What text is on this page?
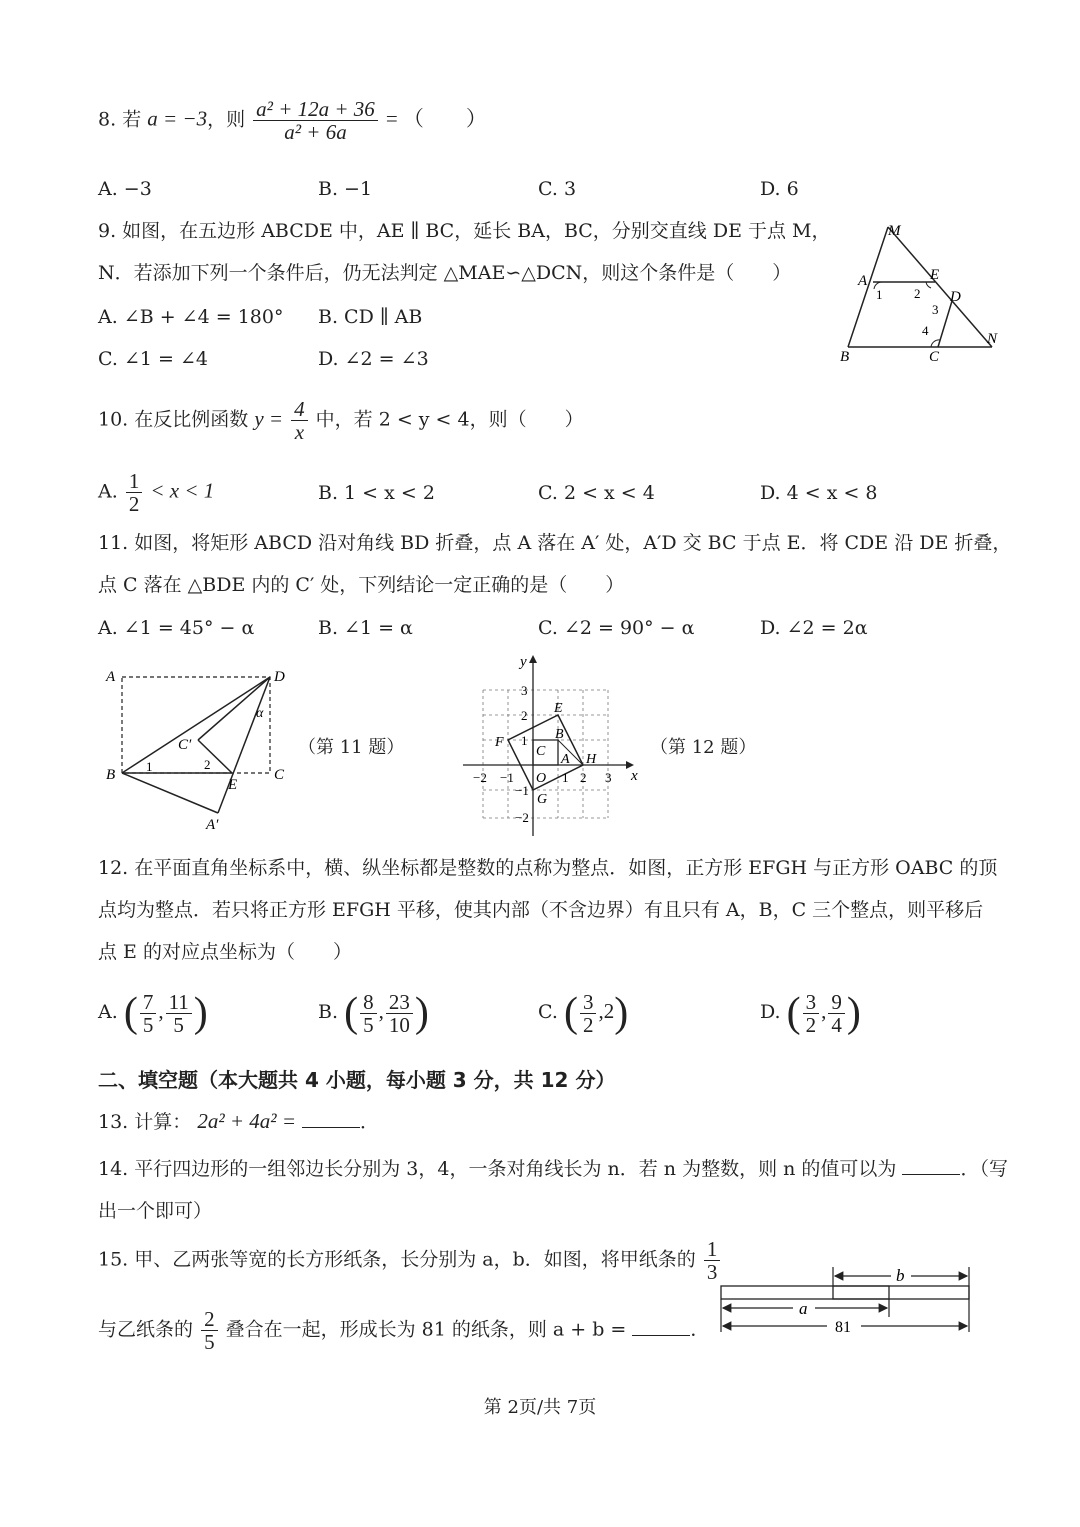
8. 若 a = −3，则 $\frac{\text{a² + 12a + 36}}{\text{a² + 6a}}$ = （　　）
A. −3	B. −1	C. 3	D. 6
9. 如图，在五边形 ABCDE 中，AE ∥ BC，延长 BA，BC，分别交直线 DE 于点 M，
N．若添加下列一个条件后，仍无法判定 △MAE∽△DCN，则这个条件是（　　）
A. ∠B + ∠4 = 180° B. CD ∥ AB
C. ∠1 = ∠4	D. ∠2 = ∠3
M
A	E
D
N
B	C
1 2
3
4
10. 在反比例函数 $y = \frac{4}{x}$ 中，若 2 < y < 4，则（　　）
A. $\frac{1}{2} < x < 1$	B. 1 < x < 2	C. 2 < x < 4	D. 4 < x < 8
11. 如图，将矩形 ABCD 沿对角线 BD 折叠，点 A 落在 A′ 处，A′D 交 BC 于点 E．将 CDE 沿 DE 折叠，
点 C 落在 △BDE 内的 C′ 处，下列结论一定正确的是（　　）
A. ∠1 = 45° − α	B. ∠1 = α	C. ∠2 = 90° − α	D. ∠2 = 2α
A	D
B	C
C′
E
A′
1	2
α
（第 11 题）
y
x
E
F
G
H
A
B
C
O
−2 −1	1 2 3
3
2
1
−1
−2
（第 12 题）
12. 在平面直角坐标系中，横、纵坐标都是整数的点称为整点．如图，正方形 EFGH 与正方形 OABC 的顶
点均为整点．若只将正方形 EFGH 平移，使其内部（不含边界）有且只有 A，B，C 三个整点，则平移后
点 E 的对应点坐标为（　　）
A. ( $\frac{7}{5}$ , $\frac{11}{5}$ )	B. ( $\frac{8}{5}$ , $\frac{23}{10}$ )	C. ( $\frac{3}{2} ,2$)	D. ( $\frac{3}{2}$ , $\frac{9}{4}$ )
二、填空题（本大题共 4 小题，每小题 3 分，共 12 分）
13. 计算： 2a² + 4a² =	．
14. 平行四边形的一组邻边长分别为 3，4，一条对角线长为 n．若 n 为整数，则 n 的值可以为	．（写
出一个即可）
15. 甲、乙两张等宽的长方形纸条，长分别为 a，b．如图，将甲纸条的 $\frac{1}{3}$
与乙纸条的 $\frac{2}{5}$ 叠合在一起，形成长为 81 的纸条，则 a + b =	．
b
a
81
第 2页/共 7页
